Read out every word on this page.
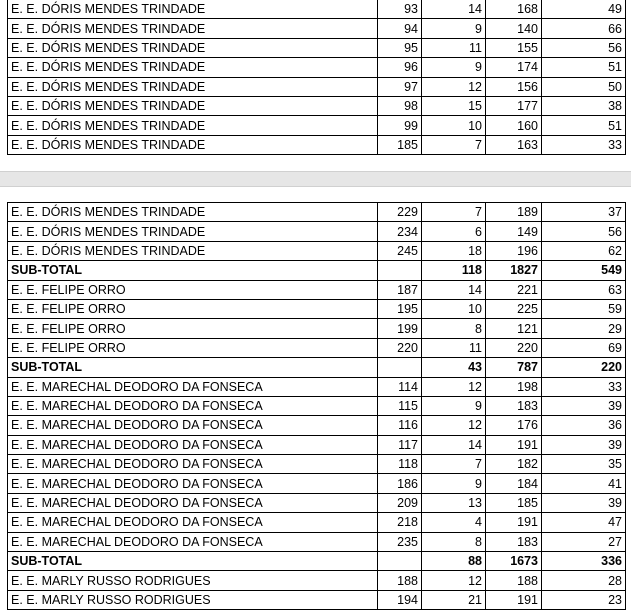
E. E. DÓRIS MENDES TRINDADE	93	14	168	49
E. E. DÓRIS MENDES TRINDADE	94	9	140	66
E. E. DÓRIS MENDES TRINDADE	95	11	155	56
E. E. DÓRIS MENDES TRINDADE	96	9	174	51
E. E. DÓRIS MENDES TRINDADE	97	12	156	50
E. E. DÓRIS MENDES TRINDADE	98	15	177	38
E. E. DÓRIS MENDES TRINDADE	99	10	160	51
E. E. DÓRIS MENDES TRINDADE	185	7	163	33
E. E. DÓRIS MENDES TRINDADE	229	7	189	37
E. E. DÓRIS MENDES TRINDADE	234	6	149	56
E. E. DÓRIS MENDES TRINDADE	245	18	196	62
SUB-TOTAL		118	1827	549
E. E. FELIPE ORRO	187	14	221	63
E. E. FELIPE ORRO	195	10	225	59
E. E. FELIPE ORRO	199	8	121	29
E. E. FELIPE ORRO	220	11	220	69
SUB-TOTAL		43	787	220
E. E. MARECHAL DEODORO DA FONSECA	114	12	198	33
E. E. MARECHAL DEODORO DA FONSECA	115	9	183	39
E. E. MARECHAL DEODORO DA FONSECA	116	12	176	36
E. E. MARECHAL DEODORO DA FONSECA	117	14	191	39
E. E. MARECHAL DEODORO DA FONSECA	118	7	182	35
E. E. MARECHAL DEODORO DA FONSECA	186	9	184	41
E. E. MARECHAL DEODORO DA FONSECA	209	13	185	39
E. E. MARECHAL DEODORO DA FONSECA	218	4	191	47
E. E. MARECHAL DEODORO DA FONSECA	235	8	183	27
SUB-TOTAL		88	1673	336
E. E. MARLY RUSSO RODRIGUES	188	12	188	28
E. E. MARLY RUSSO RODRIGUES	194	21	191	23
